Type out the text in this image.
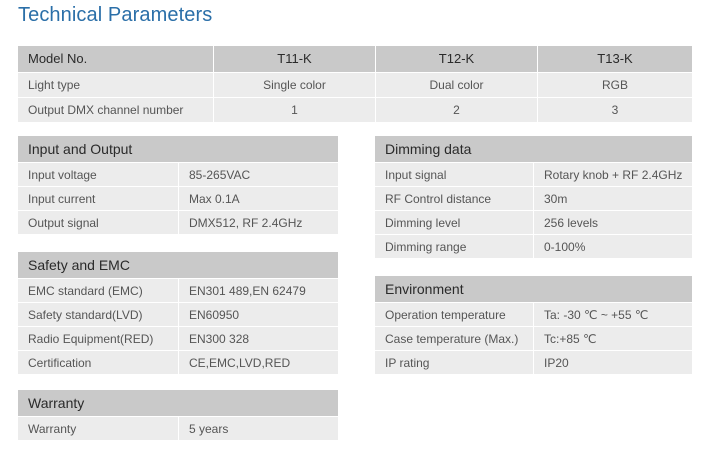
Technical Parameters
Model No.	T11-K	T12-K	T13-K
Light type	Single color	Dual color	RGB
Output DMX channel number	1	2	3
Input and Output
Input voltage	85-265VAC
Input current	Max 0.1A
Output signal	DMX512, RF 2.4GHz
Dimming data
Input signal	Rotary knob + RF 2.4GHz
RF Control distance	30m
Dimming level	256 levels
Dimming range	0-100%
Safety and EMC
EMC standard (EMC)	EN301 489,EN 62479
Safety standard(LVD)	EN60950
Radio Equipment(RED)	EN300 328
Certification	CE,EMC,LVD,RED
Environment
Operation temperature	Ta: -30 ℃ ~ +55 ℃
Case temperature (Max.)	Tc:+85 ℃
IP rating	IP20
Warranty
Warranty	5 years
